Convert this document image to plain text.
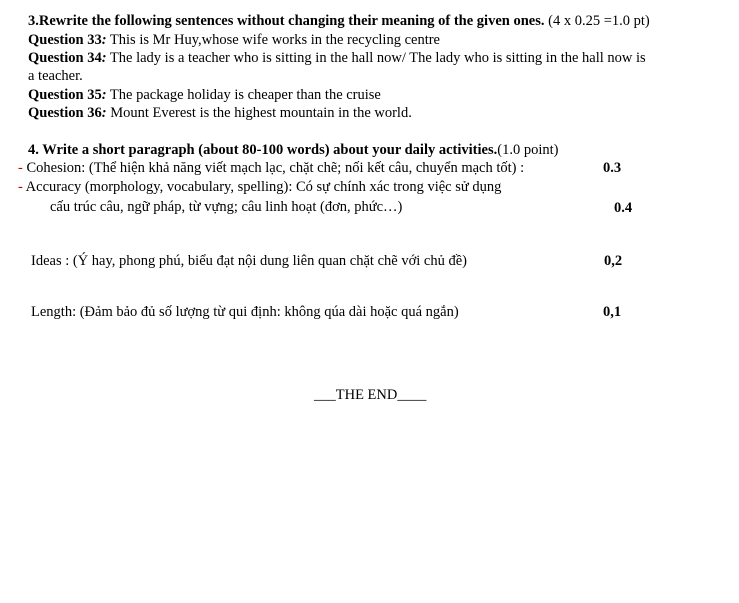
3.Rewrite the following sentences without changing their meaning of the given ones. (4 x 0.25 =1.0 pt)
Question 33: This is Mr Huy,whose wife works in the recycling centre
Question 34: The lady is a teacher who is sitting in the hall now/ The lady who is sitting in the hall now is
a teacher.
Question 35: The package holiday is cheaper than the cruise
Question 36: Mount Everest is the highest mountain in the world.
4. Write a short paragraph (about 80-100 words) about your daily activities.(1.0 point)
- Cohesion: (Thể hiện khả năng viết mạch lạc, chặt chẽ; nối kết câu, chuyển mạch tốt) :	0.3
- Accuracy (morphology, vocabulary, spelling): Có sự chính xác trong việc sử dụng
cấu trúc câu, ngữ pháp, từ vựng; câu linh hoạt (đơn, phức…)	0.4
Ideas : (Ý hay, phong phú, biểu đạt nội dung liên quan chặt chẽ với chủ đề)	0,2
Length: (Đảm bảo đủ số lượng từ qui định: không qúa dài hoặc quá ngắn)	0,1
___THE END____
